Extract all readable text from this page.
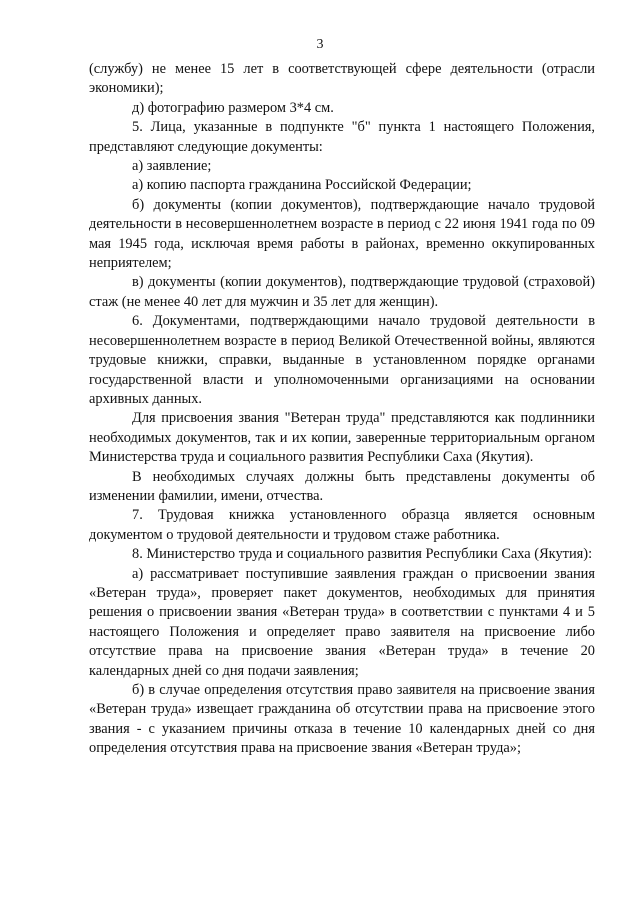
3

(службу) не менее 15 лет в соответствующей сфере деятельности (отрасли экономики);

д) фотографию размером 3*4 см.

5. Лица, указанные в подпункте "б" пункта 1 настоящего Положения, представляют следующие документы:

а) заявление;

а) копию паспорта гражданина Российской Федерации;

б) документы (копии документов), подтверждающие начало трудовой деятельности в несовершеннолетнем возрасте в период с 22 июня 1941 года по 09 мая 1945 года, исключая время работы в районах, временно оккупированных неприятелем;

в) документы (копии документов), подтверждающие трудовой (страховой) стаж (не менее 40 лет для мужчин и 35 лет для женщин).

6. Документами, подтверждающими начало трудовой деятельности в несовершеннолетнем возрасте в период Великой Отечественной войны, являются трудовые книжки, справки, выданные в установленном порядке органами государственной власти и уполномоченными организациями на основании архивных данных.

Для присвоения звания "Ветеран труда" представляются как подлинники необходимых документов, так и их копии, заверенные территориальным органом Министерства труда и социального развития Республики Саха (Якутия).

В необходимых случаях должны быть представлены документы об изменении фамилии, имени, отчества.

7. Трудовая книжка установленного образца является основным документом о трудовой деятельности и трудовом стаже работника.

8. Министерство труда и социального развития Республики Саха (Якутия):

а) рассматривает поступившие заявления граждан о присвоении звания «Ветеран труда», проверяет пакет документов, необходимых для принятия решения о присвоении звания «Ветеран труда» в соответствии с пунктами 4 и 5 настоящего Положения и определяет право заявителя на присвоение либо отсутствие права на присвоение звания «Ветеран труда» в течение 20 календарных дней со дня подачи заявления;

б) в случае определения отсутствия право заявителя на присвоение звания «Ветеран труда» извещает гражданина об отсутствии права на присвоение этого звания - с указанием причины отказа в течение 10 календарных дней со дня определения отсутствия права на присвоение звания «Ветеран труда»;
